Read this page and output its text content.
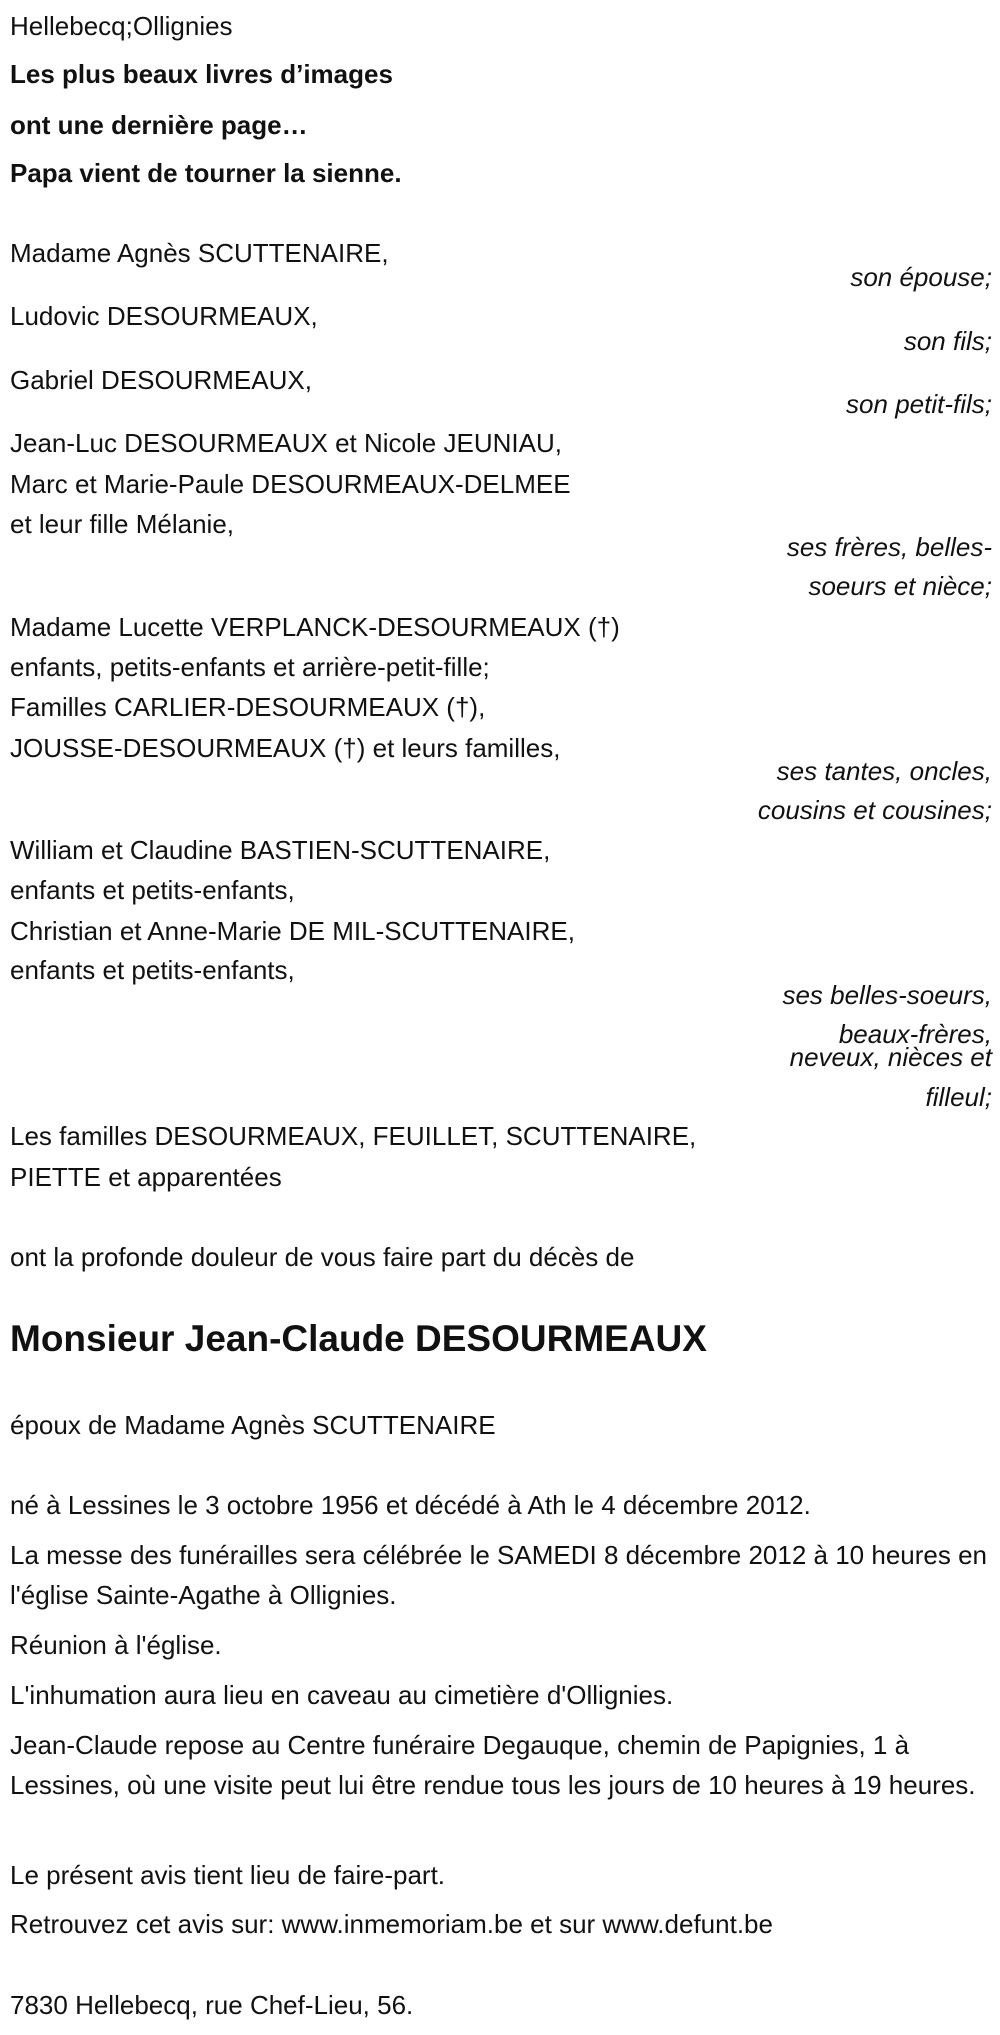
Hellebecq;Ollignies
Les plus beaux livres d’images
ont une dernière page…
Papa vient de tourner la sienne.
Madame Agnès SCUTTENAIRE,
son épouse;
Ludovic DESOURMEAUX,
son fils;
Gabriel DESOURMEAUX,
son petit-fils;
Jean-Luc DESOURMEAUX et Nicole JEUNIAU,
Marc et Marie-Paule DESOURMEAUX-DELMEE
et leur fille Mélanie,
ses frères, belles-
soeurs et nièce;
Madame Lucette VERPLANCK-DESOURMEAUX (†)
enfants, petits-enfants et arrière-petit-fille;
Familles CARLIER-DESOURMEAUX (†),
JOUSSE-DESOURMEAUX (†) et leurs familles,
ses tantes, oncles,
cousins et cousines;
William et Claudine BASTIEN-SCUTTENAIRE,
enfants et petits-enfants,
Christian et Anne-Marie DE MIL-SCUTTENAIRE,
enfants et petits-enfants,
ses belles-soeurs,
beaux-frères,
neveux, nièces et
filleul;
Les familles DESOURMEAUX, FEUILLET, SCUTTENAIRE,
PIETTE et apparentées
ont la profonde douleur de vous faire part du décès de
Monsieur Jean-Claude DESOURMEAUX
époux de Madame Agnès SCUTTENAIRE
né à Lessines le 3 octobre 1956 et décédé à Ath le 4 décembre 2012.
La messe des funérailles sera célébrée le SAMEDI 8 décembre 2012 à 10 heures en l'église Sainte-Agathe à Ollignies.
Réunion à l'église.
L'inhumation aura lieu en caveau au cimetière d'Ollignies.
Jean-Claude repose au Centre funéraire Degauque, chemin de Papignies, 1 à Lessines, où une visite peut lui être rendue tous les jours de 10 heures à 19 heures.
Le présent avis tient lieu de faire-part.
Retrouvez cet avis sur: www.inmemoriam.be et sur www.defunt.be
7830 Hellebecq, rue Chef-Lieu, 56.
